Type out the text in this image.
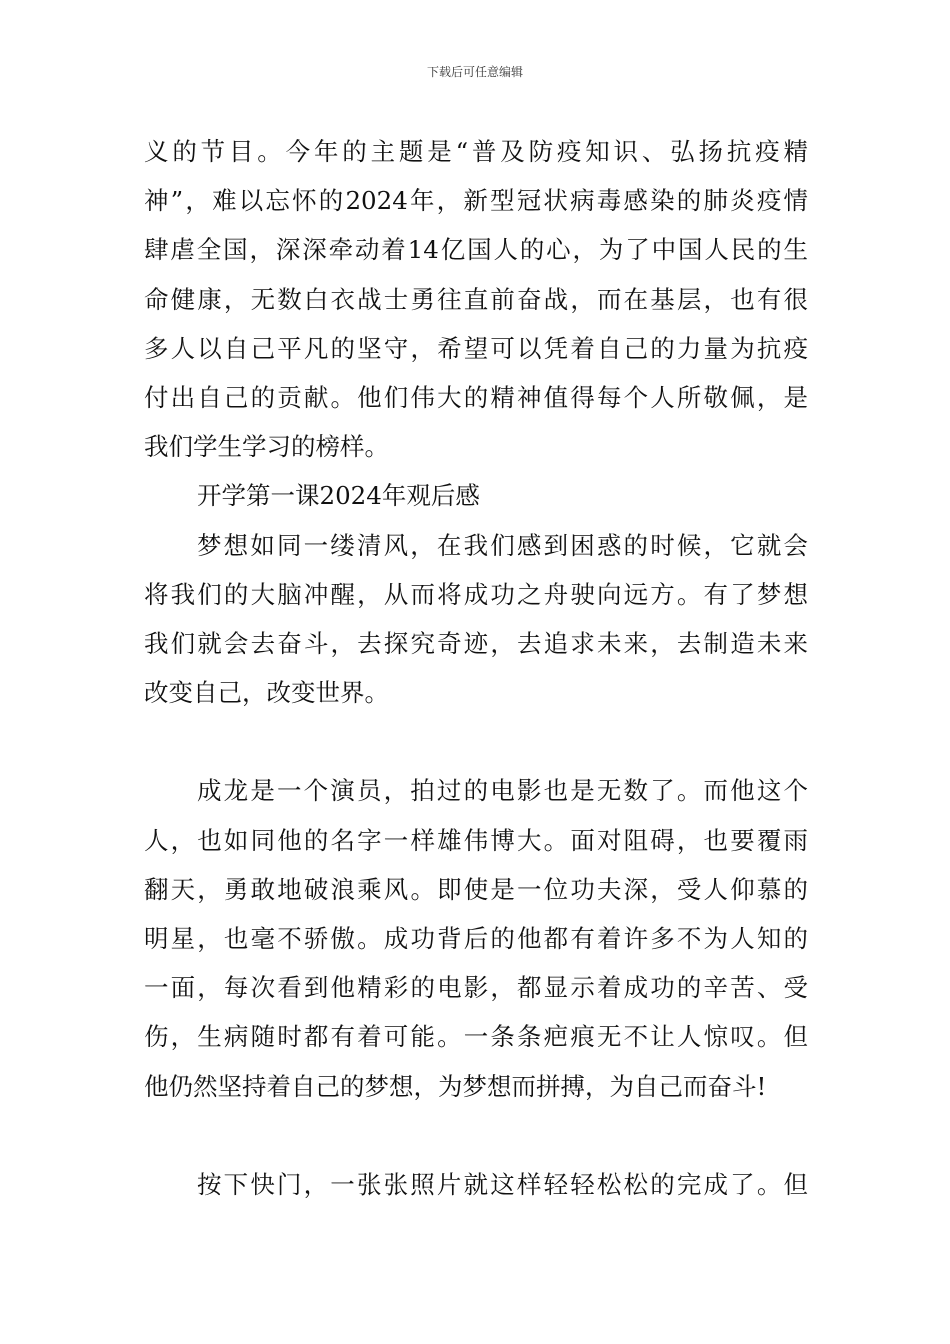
下载后可任意编辑
义的节目。今年的主题是“普及防疫知识、弘扬抗疫精
神”，难以忘怀的2024年，新型冠状病毒感染的肺炎疫情
肆虐全国，深深牵动着14亿国人的心，为了中国人民的生
命健康，无数白衣战士勇往直前奋战，而在基层，也有很
多人以自己平凡的坚守，希望可以凭着自己的力量为抗疫
付出自己的贡献。他们伟大的精神值得每个人所敬佩，是
我们学生学习的榜样。
开学第一课2024年观后感
梦想如同一缕清风，在我们感到困惑的时候，它就会
将我们的大脑冲醒，从而将成功之舟驶向远方。有了梦想
我们就会去奋斗，去探究奇迹，去追求未来，去制造未来
改变自己，改变世界。
成龙是一个演员，拍过的电影也是无数了。而他这个
人，也如同他的名字一样雄伟博大。面对阻碍，也要覆雨
翻天，勇敢地破浪乘风。即使是一位功夫深，受人仰慕的
明星，也毫不骄傲。成功背后的他都有着许多不为人知的
一面，每次看到他精彩的电影，都显示着成功的辛苦、受
伤，生病随时都有着可能。一条条疤痕无不让人惊叹。但
他仍然坚持着自己的梦想，为梦想而拼搏，为自己而奋斗!
按下快门，一张张照片就这样轻轻松松的完成了。但
